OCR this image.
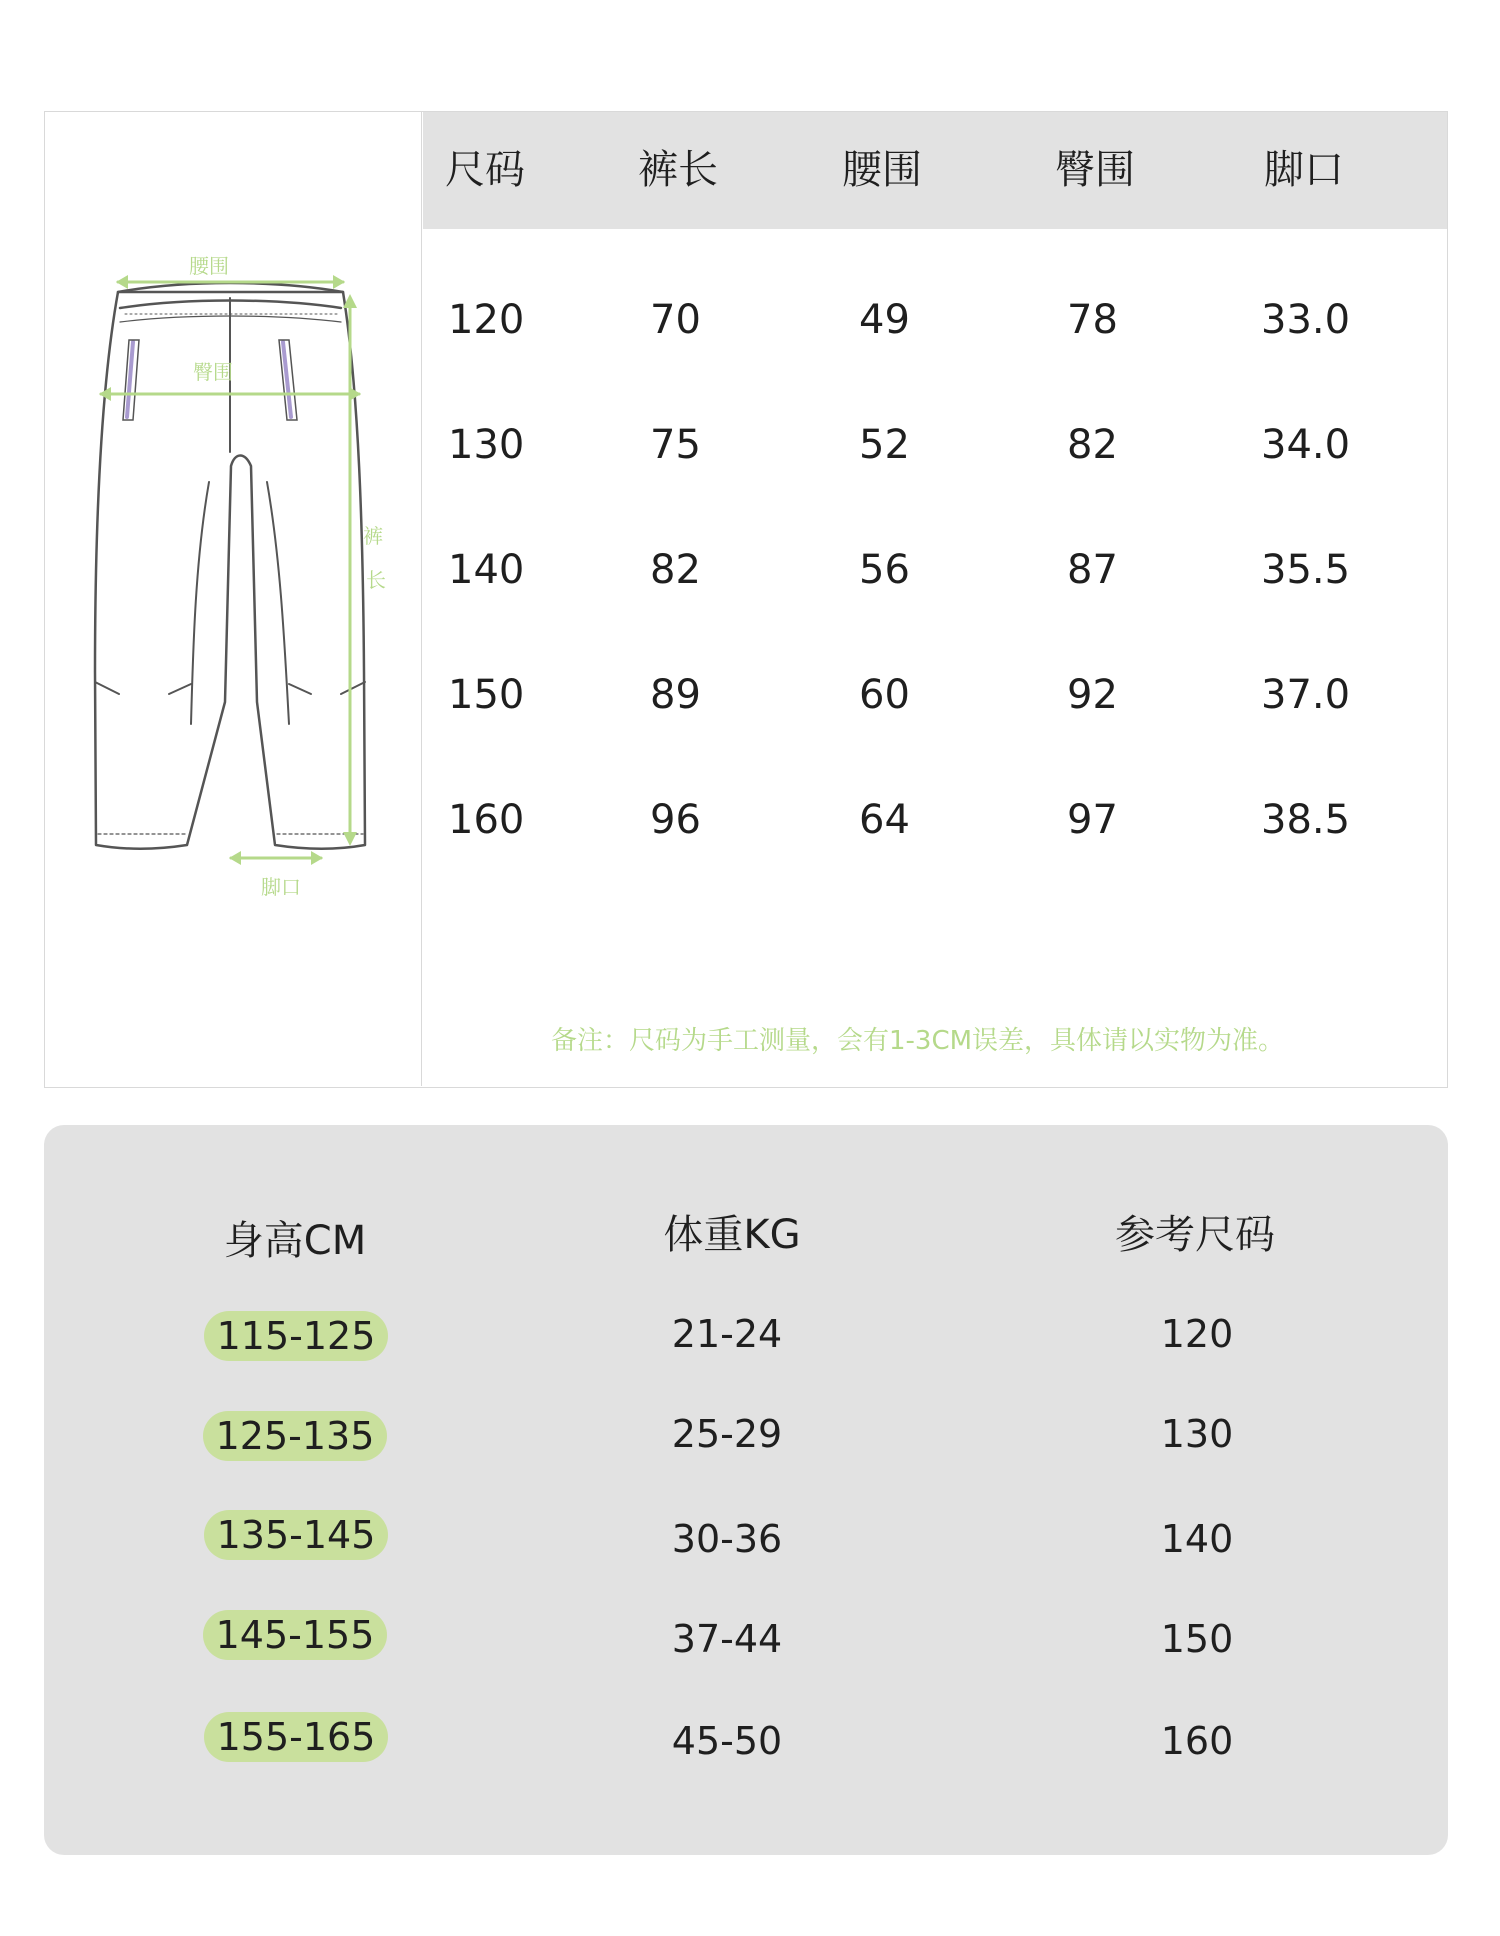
腰围
臀围
裤
长
脚口
尺码	裤长	腰围	臀围	脚口
120	70	49	78	33.0
130	75	52	82	34.0
140	82	56	87	35.5
150	89	60	92	37.0
160	96	64	97	38.5
备注：尺码为手工测量，会有1-3CM误差，具体请以实物为准。
身高CM	体重KG	参考尺码
115-125	21-24	120
125-135	25-29	130
135-145	30-36	140
145-155	37-44	150
155-165	45-50	160
